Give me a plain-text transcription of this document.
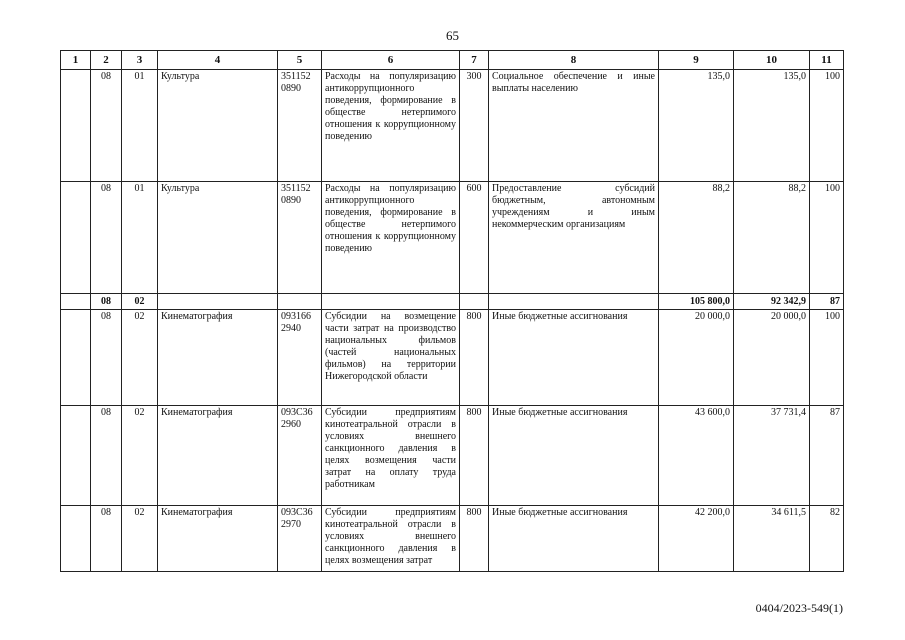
65
1	2	3	4	5	6	7	8	9	10	11
	08	01	Культура	351152 0890	Расходы на популяризацию антикоррупционного поведения, формирование в обществе нетерпимого отношения к коррупционному поведению	300	Социальное обеспечение и иные выплаты населению	135,0	135,0	100
	08	01	Культура	351152 0890	Расходы на популяризацию антикоррупционного поведения, формирование в обществе нетерпимого отношения к коррупционному поведению	600	Предоставление субсидий бюджетным, автономным учреждениям и иным некоммерческим организациям	88,2	88,2	100
	08	02						105 800,0	92 342,9	87
	08	02	Кинематография	093166 2940	Субсидии на возмещение части затрат на производство национальных фильмов (частей национальных фильмов) на территории Нижегородской области	800	Иные бюджетные ассигнования	20 000,0	20 000,0	100
	08	02	Кинематография	093С36 2960	Субсидии предприятиям кинотеатральной отрасли в условиях внешнего санкционного давления в целях возмещения части затрат на оплату труда работникам	800	Иные бюджетные ассигнования	43 600,0	37 731,4	87
	08	02	Кинематография	093С36 2970	Субсидии предприятиям кинотеатральной отрасли в условиях внешнего санкционного давления в целях возмещения затрат	800	Иные бюджетные ассигнования	42 200,0	34 611,5	82
0404/2023-549(1)
